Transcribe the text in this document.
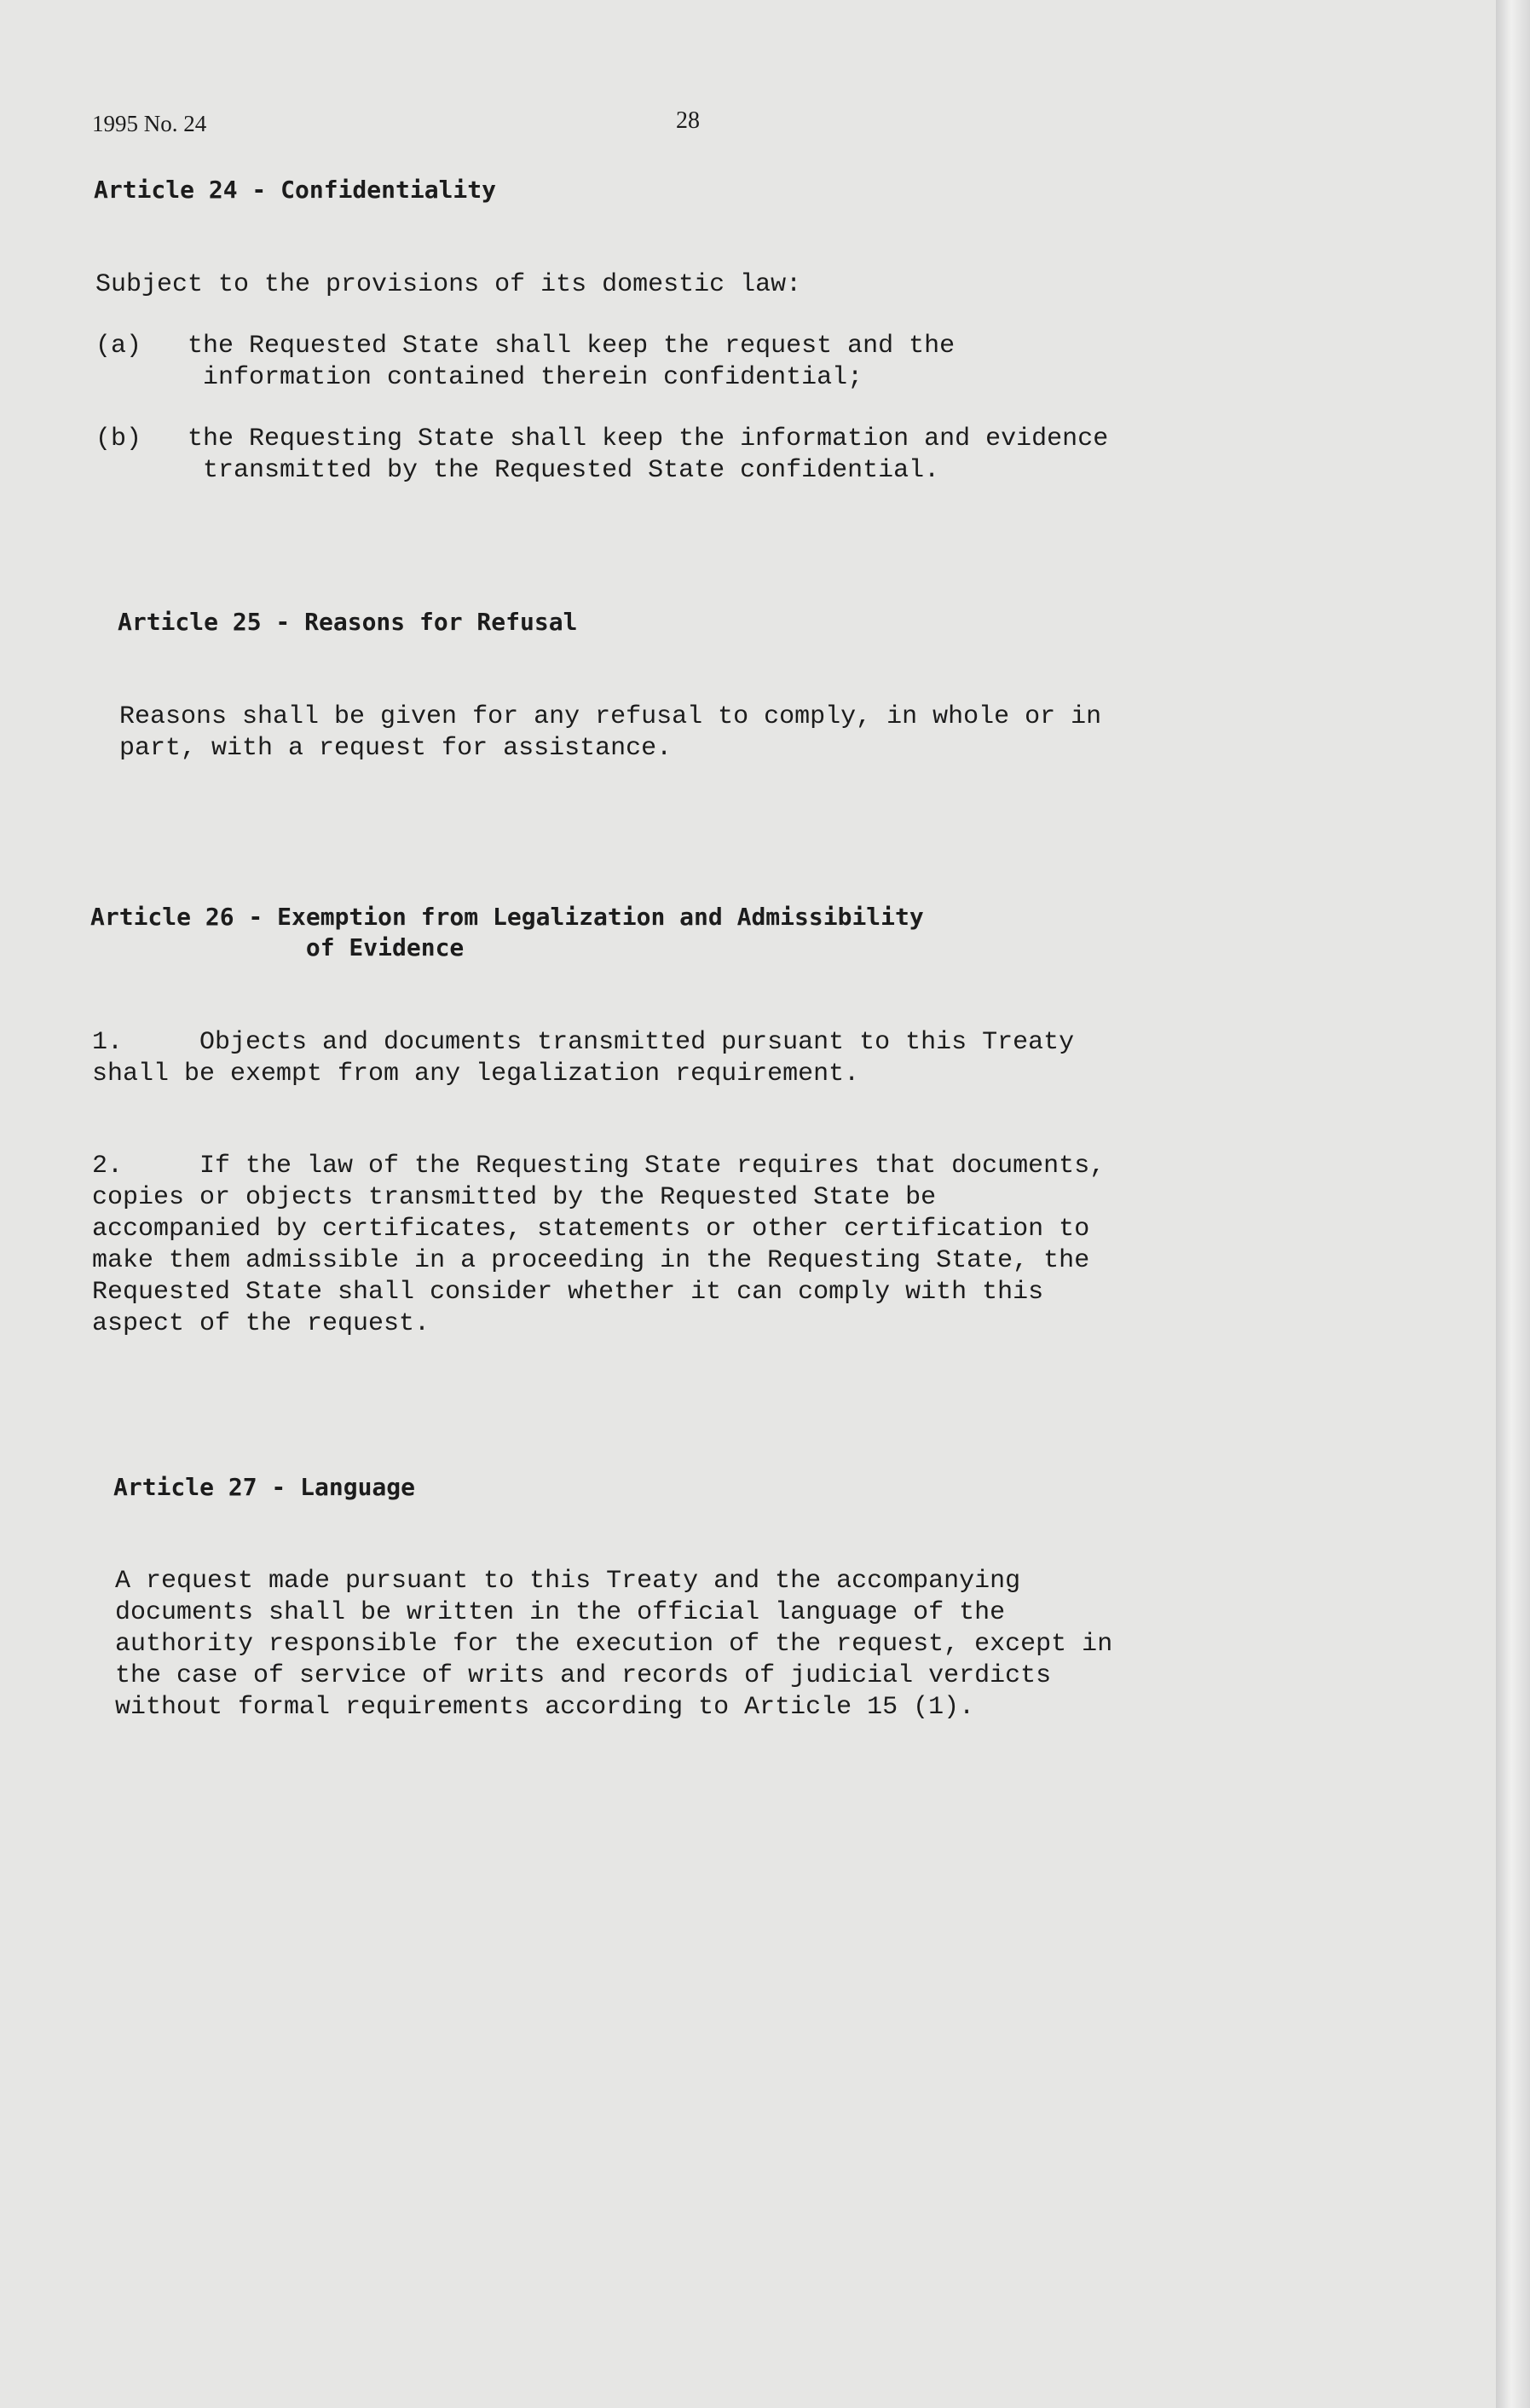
1995 No. 24	28
Article 24 - Confidentiality
Subject to the provisions of its domestic law:
(a)   the Requested State shall keep the request and the
information contained therein confidential;
(b)   the Requesting State shall keep the information and evidence
transmitted by the Requested State confidential.
Article 25 - Reasons for Refusal
Reasons shall be given for any refusal to comply, in whole or in
part, with a request for assistance.
Article 26 - Exemption from Legalization and Admissibility
of Evidence
1.     Objects and documents transmitted pursuant to this Treaty
shall be exempt from any legalization requirement.
2.     If the law of the Requesting State requires that documents,
copies or objects transmitted by the Requested State be
accompanied by certificates, statements or other certification to
make them admissible in a proceeding in the Requesting State, the
Requested State shall consider whether it can comply with this
aspect of the request.
Article 27 - Language
A request made pursuant to this Treaty and the accompanying
documents shall be written in the official language of the
authority responsible for the execution of the request, except in
the case of service of writs and records of judicial verdicts
without formal requirements according to Article 15 (1).
